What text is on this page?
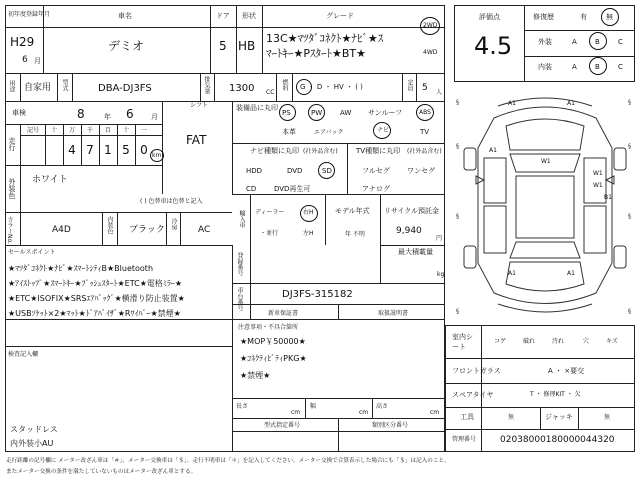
初年度登録年月
H29
6 月
車名
デミオ
ドア
5
形状
HB
グレード
13C★ﾏﾂﾀﾞｺﾈｸﾄ★ﾅﾋﾞ★ｽ
ﾏｰﾄｷｰ★Pｽﾀｰﾄ★BT★
2WD
4WD
用途 自家用 型式	DBA-DJ3FS	排気量 1300 CC
燃料 G ・ D ・ HV ・ ( )	定員 5 人
車検	8	年 6 月
シフト
FAT
装備品に丸印
PS	PW	AW サンルーフ	ABS
本革	エアバック	ナビ	TV
走行
記号 十 万 千 百 十 一
4 7 1 5 0 km
ナビ種類に丸印 (社外品含む)
HDD	DVD	SD
CD	DVD再生可
TV種類に丸印 (社外品含む)
フルセグ ワンセグ
アナログ
外装色 ホワイト
( ) 色替車は色替と記入
カラーNo.	A4D	内装色 ブラック 冷房 AC
輸入車 ディーラー	右H
・並行	左H
モデル年式
年 不明
リサイクル預託金
9,940
円
最大積載量
kg
セールスポイント
★ﾏﾂﾀﾞｺﾈｸﾄ★ﾅﾋﾞ★ｽﾏｰﾄｼﾃｨB★Bluetooth
★ｱｲｽﾄｯﾌﾟ★ｽﾏｰﾄｷｰ★ﾌﾟｯｼｭｽﾀｰﾄ★ETC★電格ﾐﾗｰ★
★ETC★ISOFIX★SRSｴｱﾊﾞｯｸﾞ★横滑り防止装置★
★USBｿｹｯﾄ×2★ﾏｯﾄ★ﾄﾞｱﾊﾞｲｻﾞ★Rﾜｲﾊﾟｰ★禁煙★
登録番号
車台番号	DJ3FS-315182
新車保証書	取扱説明書
検査記入欄
スタッドレス
内外装小AU
注意事項・不具合箇所
★MOP￥50000★
★ｺﾈｸﾃｨﾋﾞﾃｨPKG★
★禁煙★
長さ
cm
幅
cm
高さ
cm
型式指定番号	類別区分番号
評価点
4.5
修復歴	有	無
外装	A	B	C
内装	A	B	C
§	§
§	§
§	§
§	§
A1	A1
W1
A1
W1
W1
B1
A1	A1
室内シート
コゲ	破れ	汚れ	穴	キズ
フロントガラス	A ・ ×要交
スペアタイヤ	T ・ 修理KIT ・ 欠
工具	無	ジャッキ	無
管理番号	02038000180000044320
走行距離の記号欄に メーター改ざん車は「＃」、メーター交換車は「＄」、走行不明車は「＊」を記入してください。メーター交換で合算表示した場合にも「＄」は記入のこと。
またメーター交換の条件を満たしていないものはメーター改ざん車とする。
